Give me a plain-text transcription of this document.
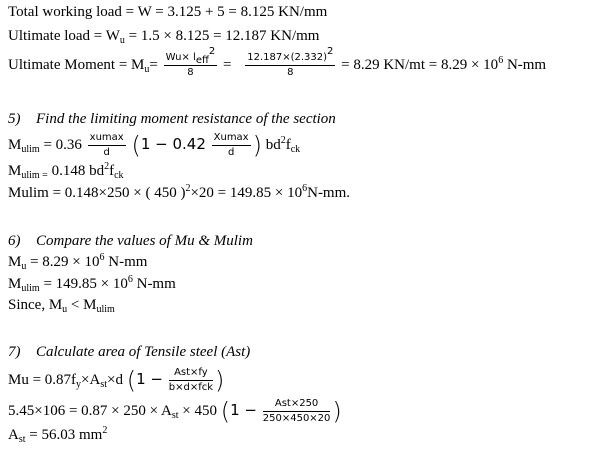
Total working load = W = 3.125 + 5 = 8.125 KN/mm
Ultimate load = $W_u = 1.5 \times 8.125 = 12.187$ KN/mm
Ultimate Moment = $M_u= \frac{Wu\times l_{eff}^2}{8} = \frac{12.187\times(2.332)^2}{8} = 8.29$ $KN/mt = 8.29 \times 10^6$ N-mm
5) Find the limiting moment resistance of the section
$M_{ulim} = 0.36 \frac{xumax}{d} (1 - 0.42 \frac{Xumax}{d}$ ) $bd^2f_{ck}$
$M_{ulim =}$ 0.148 $bd^2f_{ck}$
Mulim = 0.148×250 × ( 450 )$^2\times 20 = 149.85 \times 10^6N-mm$.
6) Compare the values of Mu & Mulim
$M_u = 8.29 \times 10^6$ N-mm
$M_{ulim} = 149.85 \times 10^6$ N-mm
Since, $M_u < M_{ulim}$
7) Calculate area of Tensile steel (Ast)
$Mu = 0.87f_y\times A_{st}\times d$ ($1 - \frac{\text{Ast×fy}}{\text{b×d×fck}}$ )
$5.45\times 106 = 0.87 \times 250 \times A_{st} \times 450$ ($1 - \frac{\text{Ast×250}}{250\times 450\times 20}$ )
$A_{st} = 56.03$ $mm^2$
